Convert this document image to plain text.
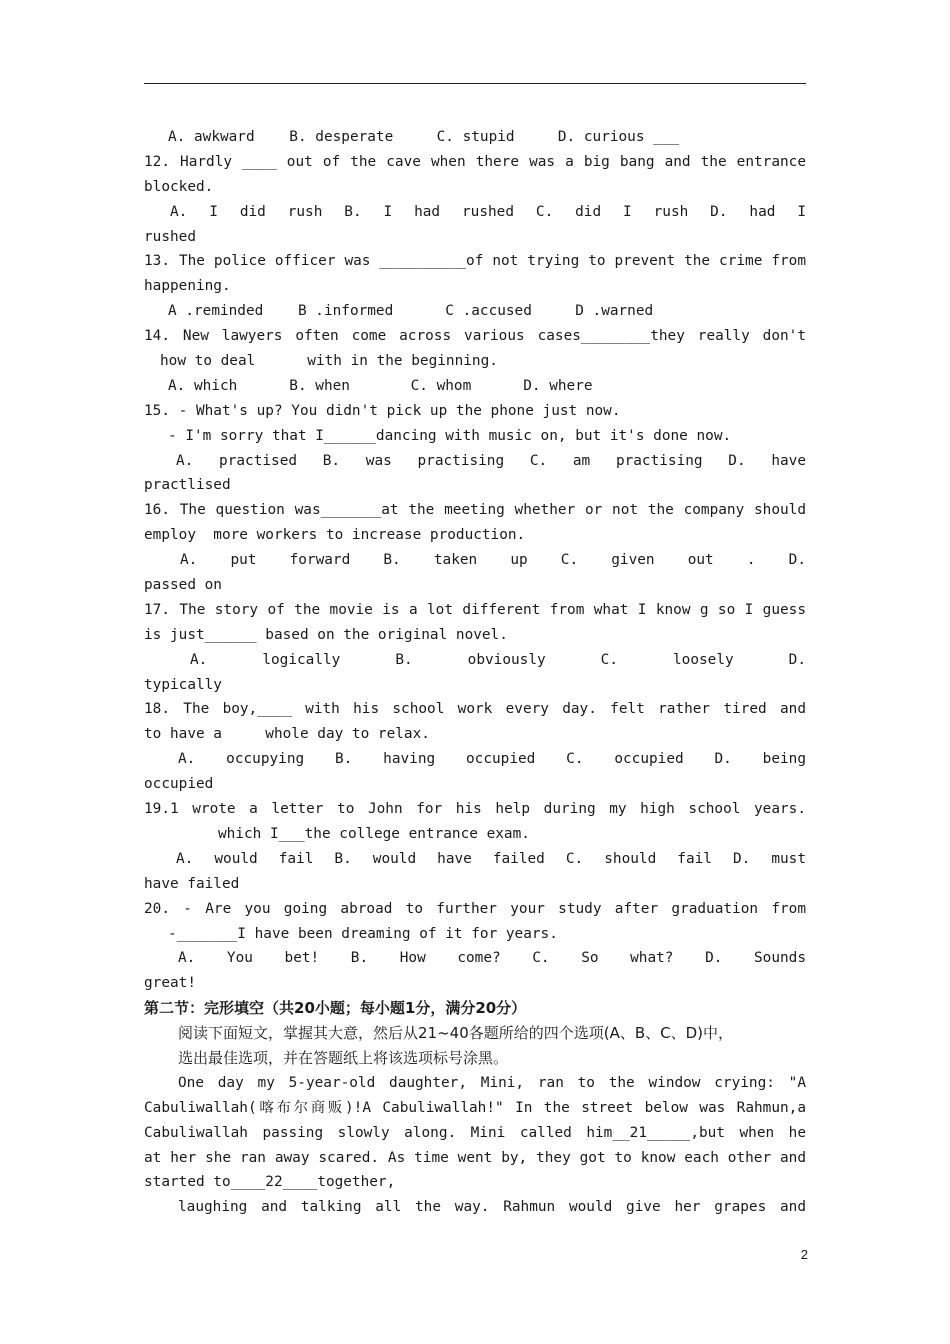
A. awkward    B. desperate     C. stupid     D. curious ___
12. Hardly ____ out of the cave when there was a big bang and the entrance
blocked.
A. I did rush B. I had rushed C. did I rush D. had I
rushed
13. The police officer was __________of not trying to prevent the crime from
happening.
A .reminded    B .informed      C .accused     D .warned
14. New lawyers often come across various cases________they really don't
how to deal      with in the beginning.
A. which      B. when       C. whom      D. where
15. - What's up? You didn't pick up the phone just now.
- I'm sorry that I______dancing with music on, but it's done now.
A. practised B. was practising C. am practising D. have
practlised
16. The question was_______at the meeting whether or not the company should
employ  more workers to increase production.
A. put forward B. taken up C. given out . D.
passed on
17. The story of the movie is a lot different from what I know g so I guess
is just______ based on the original novel.
A. logically B. obviously C. loosely D.
typically
18. The boy,____ with his school work every day. felt rather tired and
to have a     whole day to relax.
A. occupying B. having occupied C. occupied D. being
occupied
19.1 wrote a letter to John for his help during my high school years.
which I___the college entrance exam.
A. would fail B. would have failed C. should fail D. must
have failed
20. - Are you going abroad to further your study after graduation from
-_______I have been dreaming of it for years.
A. You bet! B. How come? C. So what? D. Sounds
great!
第二节：完形填空（共20小题；每小题1分，满分20分）
阅读下面短文，掌握其大意，然后从21~40各题所给的四个选项(A、B、C、D)中，
选出最佳选项，并在答题纸上将该选项标号涂黑。
One day my 5-year-old daughter, Mini, ran to the window crying: "A
Cabuliwallah(喀布尔商贩)!A Cabuliwallah!" In the street below was Rahmun,a
Cabuliwallah passing slowly along. Mini called him__21_____,but when he
at her she ran away scared. As time went by, they got to know each other and
started to____22____together,
laughing and talking all the way. Rahmun would give her grapes and
2
